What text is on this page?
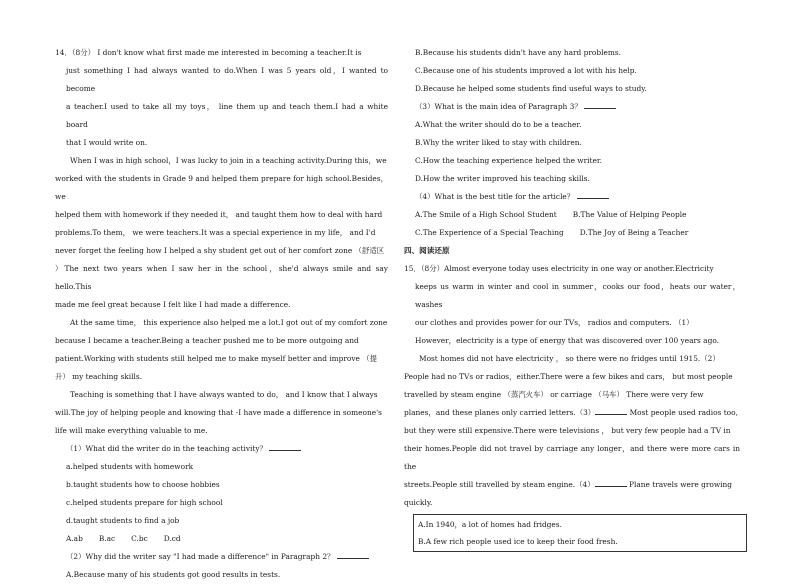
14．（8分） I don't know what first made me interested in becoming a teacher.It is

just something I had always wanted to do.When I was 5 years old，I wanted to become

a teacher.I used to take all my toys， line them up and teach them.I had a white board

that I would write on.

When I was in high school，I was lucky to join in a teaching activity.During this，we

worked with the students in Grade 9 and helped them prepare for high school.Besides，we

helped them with homework if they needed it， and taught them how to deal with hard

problems.To them， we were teachers.It was a special experience in my life， and I'd

never forget the feeling how I helped a shy student get out of her comfort zone （舒适区

）The next two years when I saw her in the school，she'd always smile and say hello.This

made me feel great because I felt like I had made a difference.

At the same time， this experience also helped me a lot.I got out of my comfort zone

because I became a teacher.Being a teacher pushed me to be more outgoing and

patient.Working with students still helped me to make myself better and improve （提

升） my teaching skills.

Teaching is something that I have always wanted to do， and I know that I always

will.The joy of helping people and knowing that -I have made a difference in someone's

life will make everything valuable to me.

（1）What did the writer do in the teaching activity？

a.helped students with homework

b.taught students how to choose hobbies

c.helped students prepare for high school

d.taught students to find a job

A.ab B.ac C.bc D.cd

（2）Why did the writer say "I had made a difference" in Paragraph 2？

A.Because many of his students got good results in tests.

B.Because his students didn't have any hard problems.

C.Because one of his students improved a lot with his help.

D.Because he helped some students find useful ways to study.

（3）What is the main idea of Paragraph 3？

A.What the writer should do to be a teacher.

B.Why the writer liked to stay with children.

C.How the teaching experience helped the writer.

D.How the writer improved his teaching skills.

（4）What is the best title for the article？

A.The Smile of a High School Student B.The Value of Helping People
C.The Experience of a Special Teaching D.The Joy of Being a Teacher

四、阅读还原

15．（8分）Almost everyone today uses electricity in one way or another.Electricity

keeps us warm in winter and cool in summer，cooks our food，heats our water，washes

our clothes and provides power for our TVs， radios and computers. （1）

However，electricity is a type of energy that was discovered over 100 years ago.

Most homes did not have electricity ， so there were no fridges until 1915.（2）

People had no TVs or radios，either.There were a few bikes and cars， but most people

travelled by steam engine （蒸汽火车） or carriage （马车） There were very few

planes，and these planes only carried letters.（3）	Most people used radios too,

but they were still expensive.There were televisions ， but very few people had a TV in

their homes.People did not travel by carriage any longer，and there were more cars in the

streets.People still travelled by steam engine.（4）	Plane travels were growing

quickly.

A.In 1940，a lot of homes had fridges.
B.A few rich people used ice to keep their food fresh.
